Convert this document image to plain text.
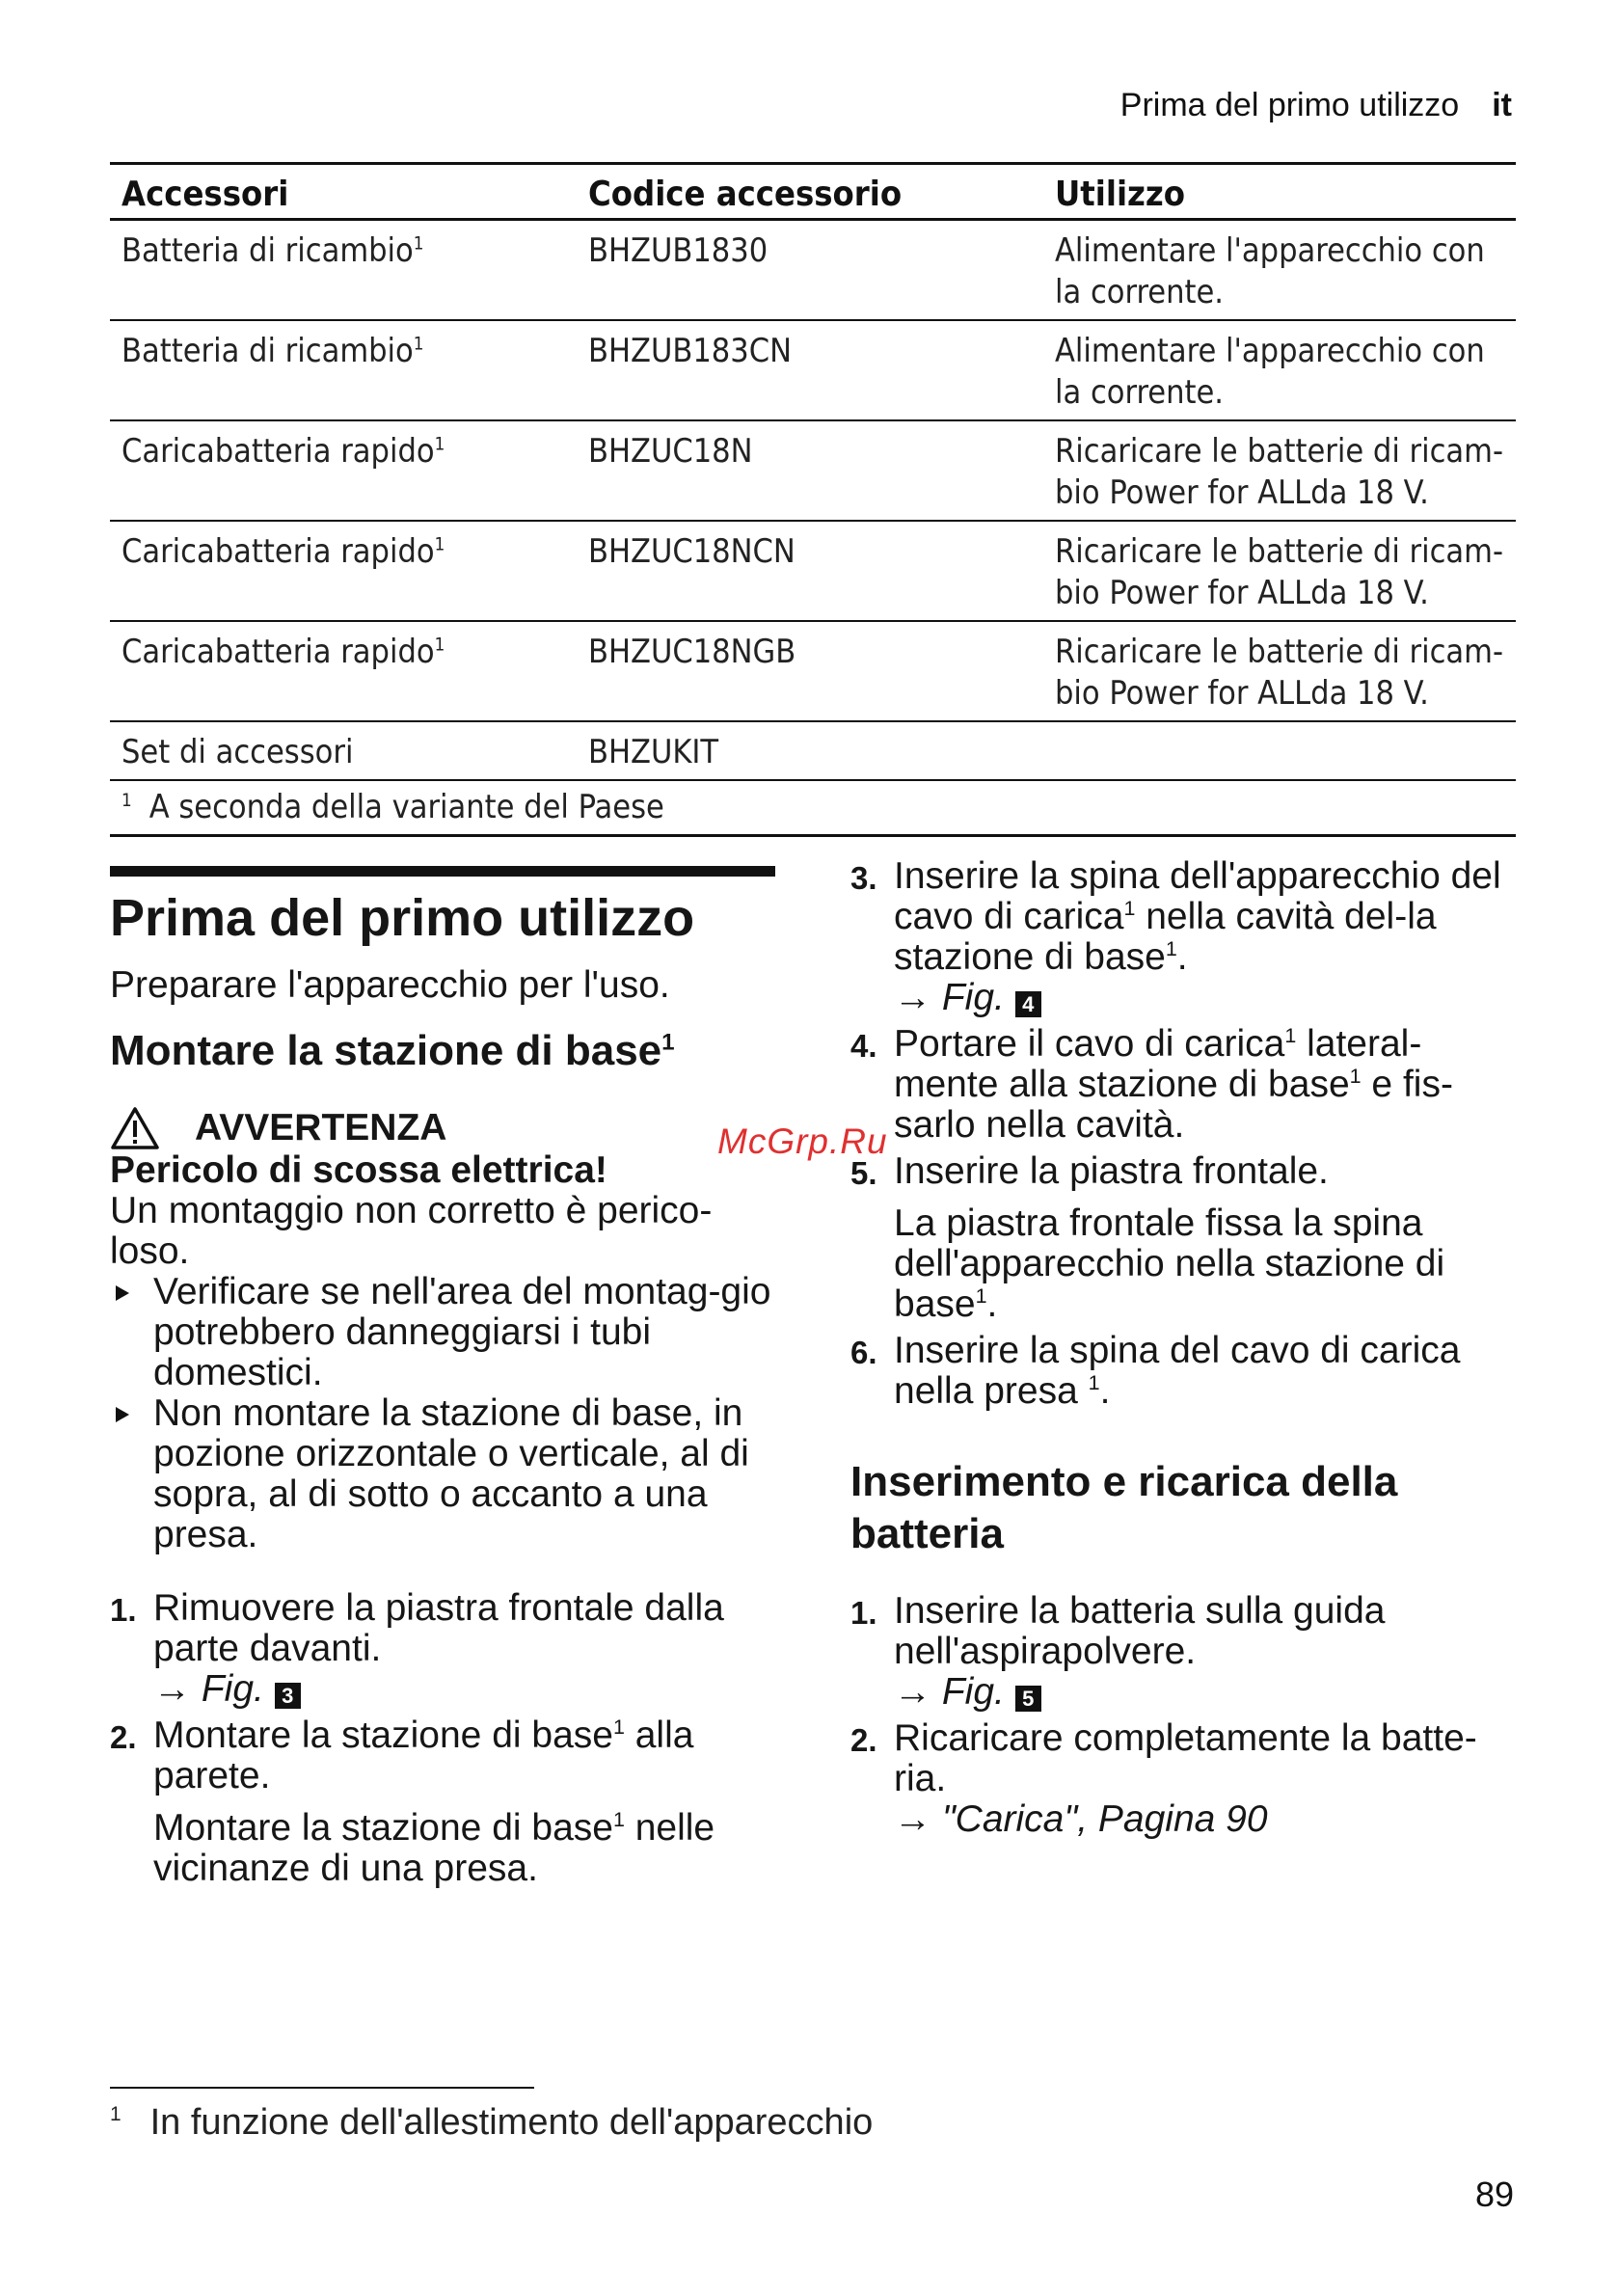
Prima del primo utilizzo it
Accessori	Codice accessorio	Utilizzo
Batteria di ricambio$^1$	BHZUB1830	Alimentare l'apparecchio con la corrente.
Batteria di ricambio$^1$	BHZUB183CN	Alimentare l'apparecchio con la corrente.
Caricabatteria rapido$^1$	BHZUC18N	Ricaricare le batterie di ricam-bio Power for ALLda 18 V.
Caricabatteria rapido$^1$	BHZUC18NCN	Ricaricare le batterie di ricam-bio Power for ALLda 18 V.
Caricabatteria rapido$^1$	BHZUC18NGB	Ricaricare le batterie di ricam-bio Power for ALLda 18 V.
Set di accessori	BHZUKIT	
$^1$ A seconda della variante del Paese		
Prima del primo utilizzo

Preparare l'apparecchio per l'uso.

Montare la stazione di base$^1$
AVVERTENZA

Pericolo di scossa elettrica!

Un montaggio non corretto è perico-loso.

Verificare se nell'area del montag-gio potrebbero danneggiarsi i tubi domestici.
Non montare la stazione di base, in pozione orizzontale o verticale, al di sopra, al di sotto o accanto a una presa.
1. Rimuovere la piastra frontale dalla parte davanti.
→ Fig. 3
2. Montare la stazione di base$^1$ alla parete.

Montare la stazione di base$^1$ nelle vicinanze di una presa.

3. Inserire la spina dell'apparecchio del cavo di carica$^1$ nella cavità del-la stazione di base$^1$.
→ Fig. 4
4. Portare il cavo di carica$^1$ lateral-mente alla stazione di base$^1$ e fis-sarlo nella cavità.
5. Inserire la piastra frontale.

La piastra frontale fissa la spina dell'apparecchio nella stazione di base$^1$.

6. Inserire la spina del cavo di carica nella presa $^1$.
Inserimento e ricarica della batteria
1. Inserire la batteria sulla guida nell'aspirapolvere.
→ Fig. 5
2. Ricaricare completamente la batte-ria.
→ "Carica", Pagina 90
McGrp.Ru
$^1$ In funzione dell'allestimento dell'apparecchio
89
